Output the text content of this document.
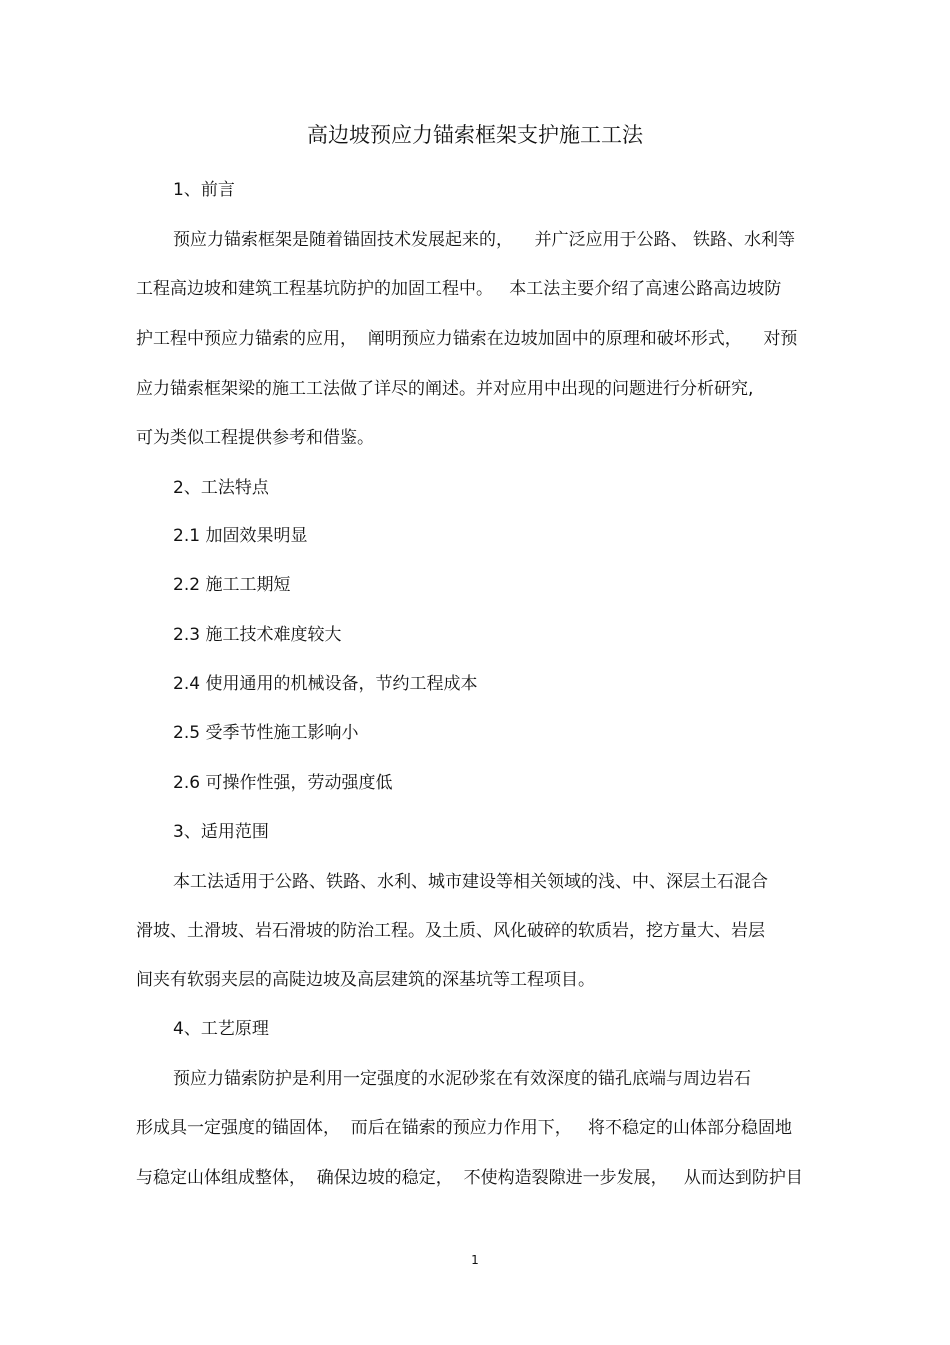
高边坡预应力锚索框架支护施工工法
1、前言
预应力锚索框架是随着锚固技术发展起来的，    并广泛应用于公路、 铁路、水利等
工程高边坡和建筑工程基坑防护的加固工程中。   本工法主要介绍了高速公路高边坡防
护工程中预应力锚索的应用，  阐明预应力锚索在边坡加固中的原理和破坏形式，    对预
应力锚索框架梁的施工工法做了详尽的阐述。并对应用中出现的问题进行分析研究,
可为类似工程提供参考和借鉴。
2、工法特点
2.1 加固效果明显
2.2 施工工期短
2.3 施工技术难度较大
2.4 使用通用的机械设备，节约工程成本
2.5 受季节性施工影响小
2.6 可操作性强，劳动强度低
3、适用范围
本工法适用于公路、铁路、水利、城市建设等相关领域的浅、中、深层土石混合
滑坡、土滑坡、岩石滑坡的防治工程。及土质、风化破碎的软质岩，挖方量大、岩层
间夹有软弱夹层的高陡边坡及高层建筑的深基坑等工程项目。
4、工艺原理
预应力锚索防护是利用一定强度的水泥砂浆在有效深度的锚孔底端与周边岩石
形成具一定强度的锚固体，  而后在锚索的预应力作用下，   将不稳定的山体部分稳固地
与稳定山体组成整体，  确保边坡的稳定，  不使构造裂隙进一步发展，   从而达到防护目
1
